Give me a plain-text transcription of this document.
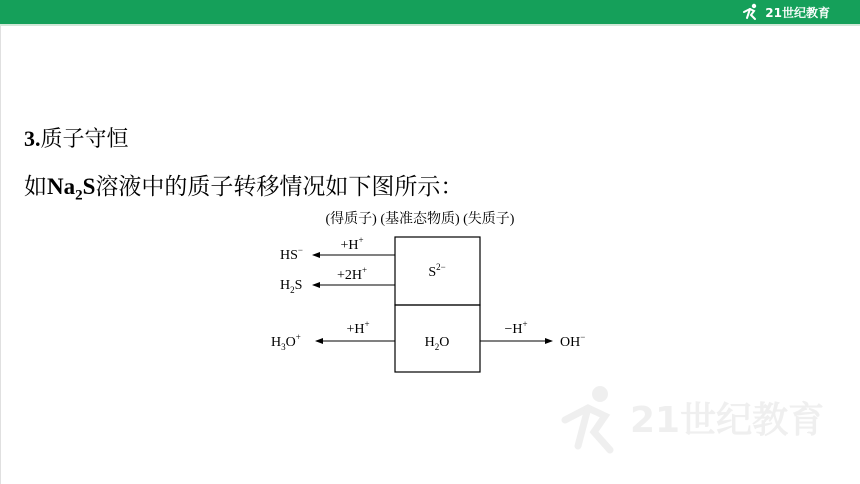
21世纪教育
3.质子守恒
如$Na_2S$溶液中的质子转移情况如下图所示：
(得质子) (基准态物质) (失质子)
$S^{2-}$
$H_2O$
+H+
HS−
+2H+
$H_2S$
+H+
$H_3O^+$	−H+
OH−
21世纪教育
